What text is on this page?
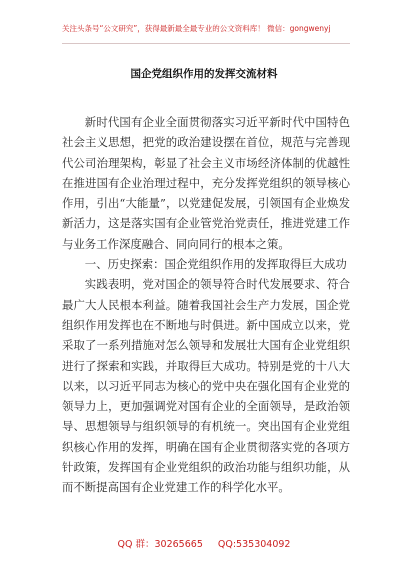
关注头条号“公文研究”，获得最新最全最专业的公文资料库！ 微信：gongwenyj
国企党组织作用的发挥交流材料

新时代国有企业全面贯彻落实习近平新时代中国特色社会主义思想，把党的政治建设摆在首位，规范与完善现代公司治理架构，彰显了社会主义市场经济体制的优越性在推进国有企业治理过程中，充分发挥党组织的领导核心作用，引出“大能量”，以党建促发展，引领国有企业焕发新活力，这是落实国有企业管党治党责任，推进党建工作与业务工作深度融合、同向同行的根本之策。

一、历史探索：国企党组织作用的发挥取得巨大成功

实践表明，党对国企的领导符合时代发展要求、符合最广大人民根本利益。随着我国社会生产力发展，国企党组织作用发挥也在不断地与时俱进。新中国成立以来，党采取了一系列措施对怎么领导和发展壮大国有企业党组织进行了探索和实践，并取得巨大成功。特别是党的十八大以来，以习近平同志为核心的党中央在强化国有企业党的领导力上，更加强调党对国有企业的全面领导，是政治领导、思想领导与组织领导的有机统一。突出国有企业党组织核心作用的发挥，明确在国有企业贯彻落实党的各项方针政策，发挥国有企业党组织的政治功能与组织功能，从而不断提高国有企业党建工作的科学化水平。

QQ 群：30265665 QQ:535304092
